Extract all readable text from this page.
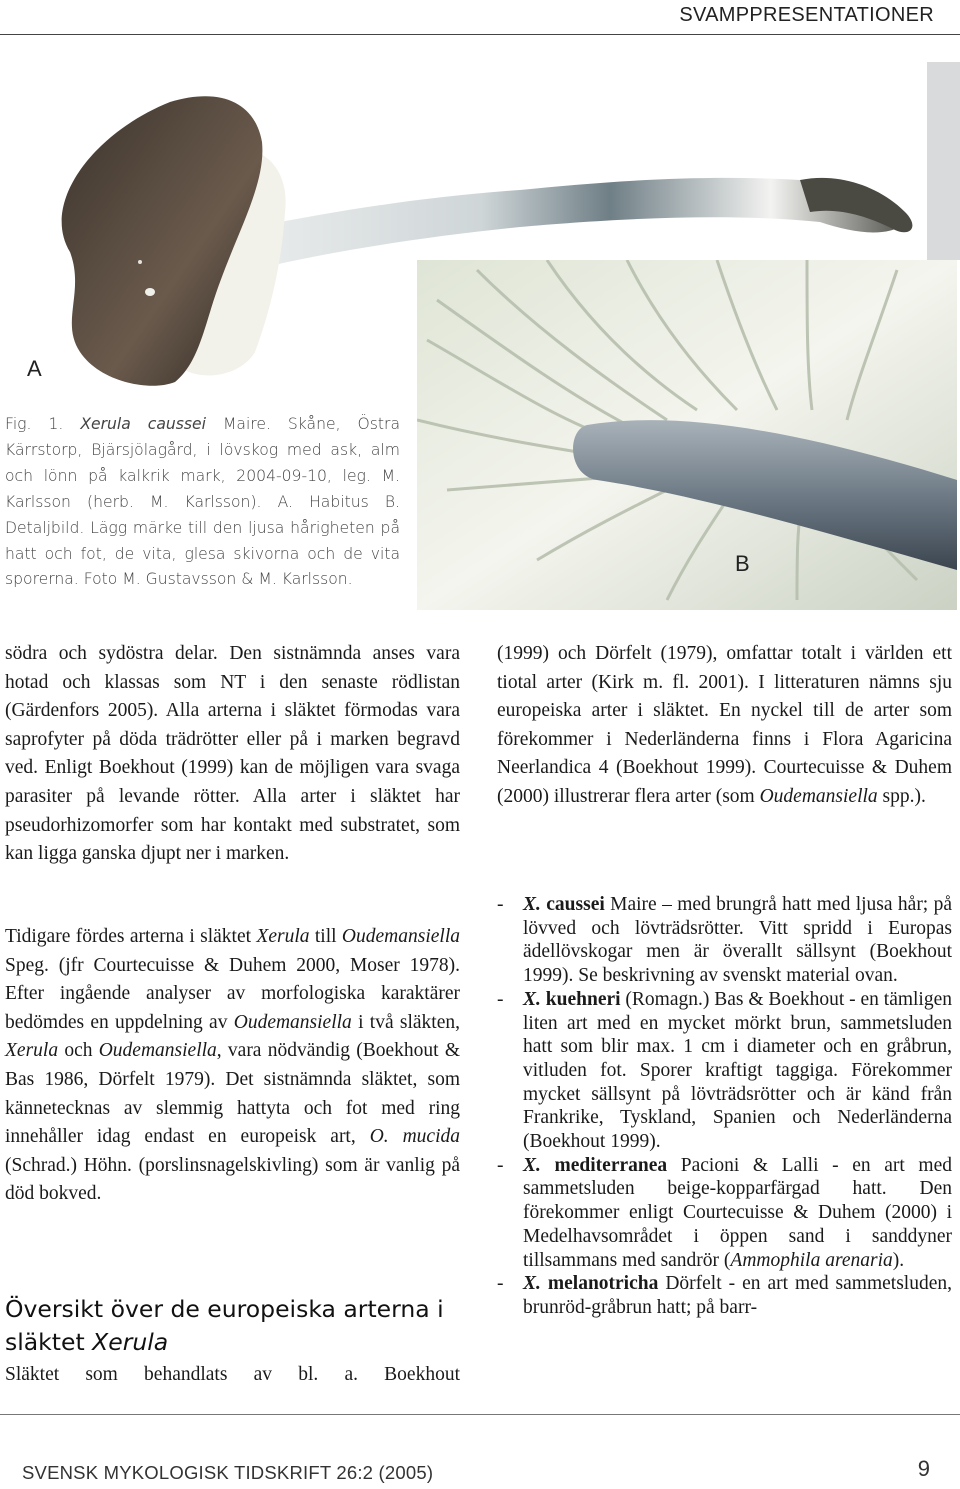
SVAMPPRESENTATIONER
A
B
Fig. 1. Xerula caussei Maire. Skåne, Östra Kärrstorp, Bjärsjölagård, i lövskog med ask, alm och lönn på kalkrik mark, 2004-09-10, leg. M. Karlsson (herb. M. Karlsson). A. Habitus B. Detaljbild. Lägg märke till den ljusa hårigheten på hatt och fot, de vita, glesa skivorna och de vita sporerna. Foto M. Gustavsson & M. Karlsson.

södra och sydöstra delar. Den sistnämnda anses vara hotad och klassas som NT i den senaste rödlistan (Gärdenfors 2005). Alla arterna i släktet förmodas vara saprofyter på döda trädrötter eller på i marken begravd ved. Enligt Boekhout (1999) kan de möjligen vara svaga parasiter på levande rötter. Alla arter i släktet har pseudorhizomorfer som har kontakt med substratet, som kan ligga ganska djupt ner i marken.

Tidigare fördes arterna i släktet Xerula till Oudemansiella Speg. (jfr Courtecuisse & Duhem 2000, Moser 1978). Efter ingående analyser av morfologiska karaktärer bedömdes en uppdelning av Oudemansiella i två släkten, Xerula och Oudemansiella, vara nödvändig (Boekhout & Bas 1986, Dörfelt 1979). Det sistnämnda släktet, som kännetecknas av slemmig hattyta och fot med ring innehåller idag endast en europeisk art, O. mucida (Schrad.) Höhn. (porslinsnagelskivling) som är vanlig på död bokved.

Översikt över de europeiska arterna i släktet Xerula

Släktet som behandlats av bl. a. Boekhout

(1999) och Dörfelt (1979), omfattar totalt i världen ett tiotal arter (Kirk m. fl. 2001). I litteraturen nämns sju europeiska arter i släktet. En nyckel till de arter som förekommer i Nederländerna finns i Flora Agaricina Neerlandica 4 (Boekhout 1999). Courtecuisse & Duhem (2000) illustrerar flera arter (som Oudemansiella spp.).

- X. caussei Maire – med brungrå hatt med ljusa hår; på lövved och lövträdsrötter. Vitt spridd i Europas ädellövskogar men är överallt sällsynt (Boekhout 1999). Se beskrivning av svenskt material ovan.
- X. kuehneri (Romagn.) Bas & Boekhout - en tämligen liten art med en mycket mörkt brun, sammetsluden hatt som blir max. 1 cm i diameter och en gråbrun, vitluden fot. Sporer kraftigt taggiga. Förekommer mycket sällsynt på lövträdsrötter och är känd från Frankrike, Tyskland, Spanien och Nederländerna (Boekhout 1999).
- X. mediterranea Pacioni & Lalli - en art med sammetsluden beige-kopparfärgad hatt. Den förekommer enligt Courtecuisse & Duhem (2000) i Medelhavsområdet i öppen sand i sanddyner tillsammans med sandrör (Ammophila arenaria).
- X. melanotricha Dörfelt - en art med sammetsluden, brunröd-gråbrun hatt; på barr-
SVENSK MYKOLOGISK TIDSKRIFT 26:2 (2005)	9
